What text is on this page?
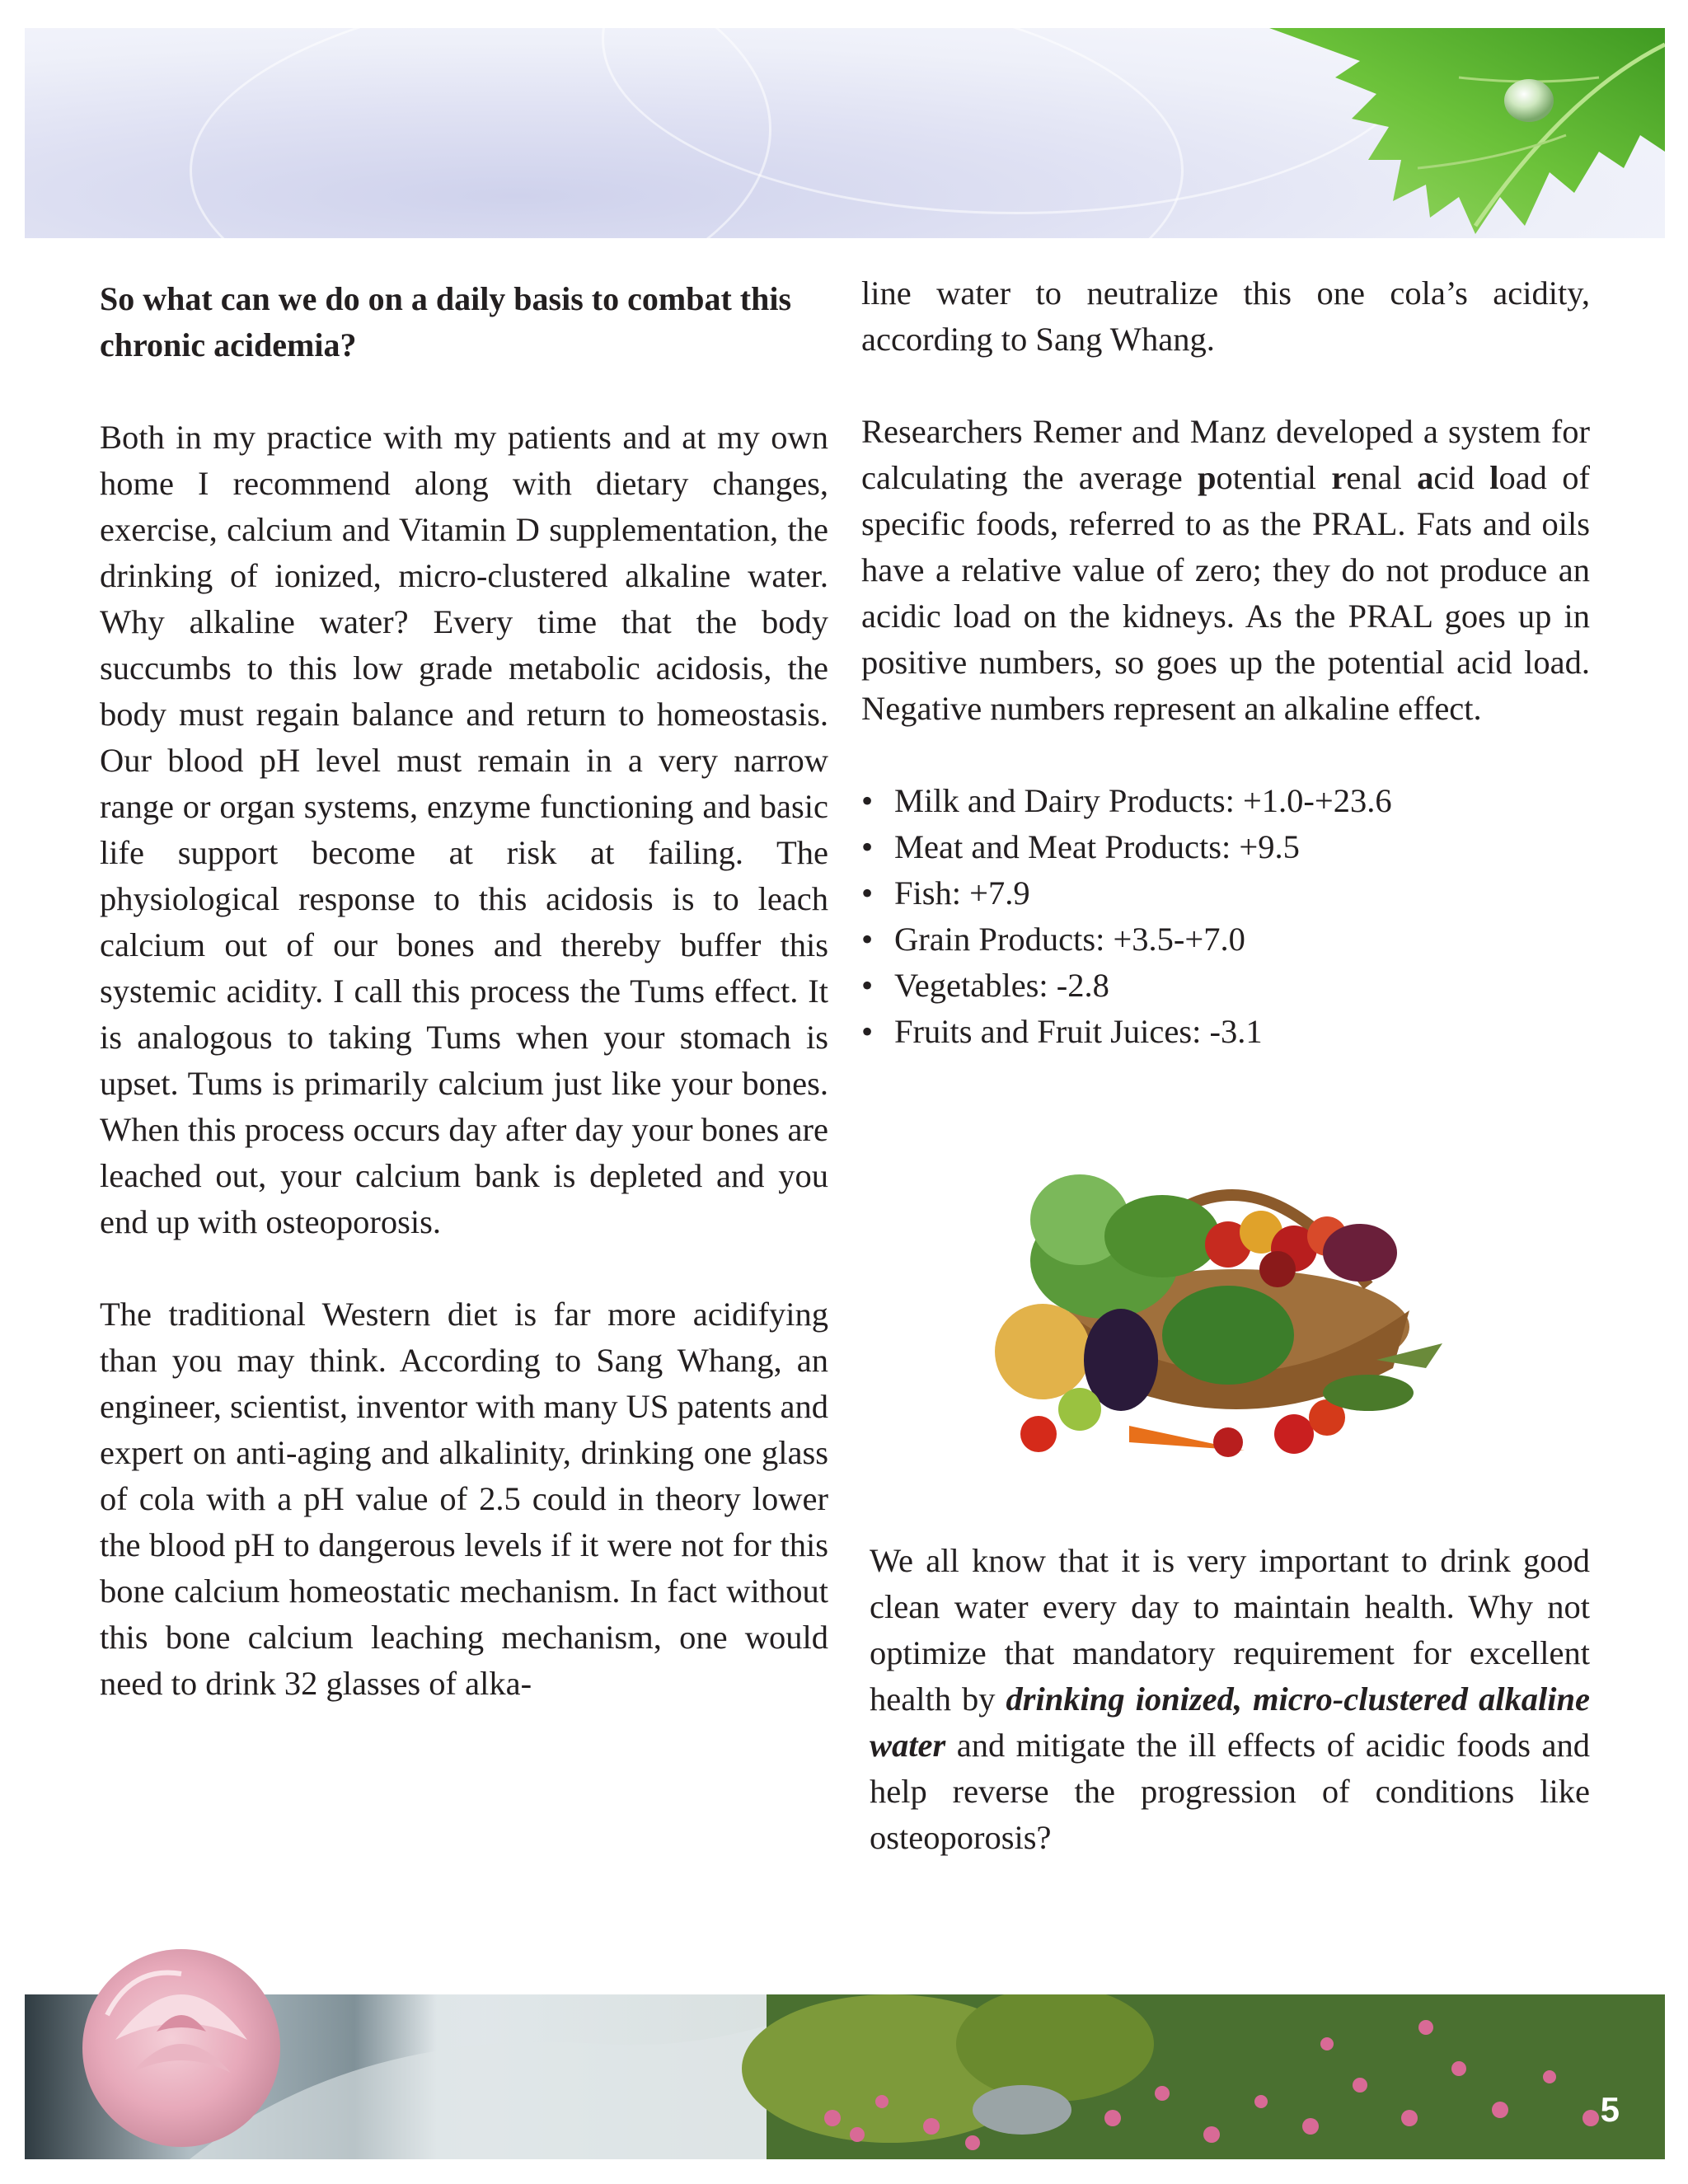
So what can we do on a daily basis to combat this chronic acidemia?

Both in my practice with my patients and at my own home I recommend along with dietary changes, exercise, calcium and Vitamin D supplementation, the drinking of ionized, micro-clustered alkaline water. Why alkaline water? Every time that the body succumbs to this low grade metabolic acidosis, the body must regain balance and return to homeostasis. Our blood pH level must remain in a very narrow range or organ systems, enzyme functioning and basic life support become at risk at failing. The physiological response to this acidosis is to leach calcium out of our bones and thereby buffer this systemic acidity. I call this process the Tums effect. It is analogous to taking Tums when your stomach is upset. Tums is primarily calcium just like your bones. When this process occurs day after day your bones are leached out, your calcium bank is depleted and you end up with osteoporosis.

The traditional Western diet is far more acidifying than you may think. According to Sang Whang, an engineer, scientist, inventor with many US patents and expert on anti-aging and alkalinity, drinking one glass of cola with a pH value of 2.5 could in theory lower the blood pH to dangerous levels if it were not for this bone calcium homeostatic mechanism. In fact without this bone calcium leaching mechanism, one would need to drink 32 glasses of alka-

line water to neutralize this one cola’s acidity, according to Sang Whang.

Researchers Remer and Manz developed a system for calculating the average potential renal acid load of specific foods, referred to as the PRAL. Fats and oils have a relative value of zero; they do not produce an acidic load on the kidneys. As the PRAL goes up in positive numbers, so goes up the potential acid load. Negative numbers represent an alkaline effect.

• Milk and Dairy Products: +1.0-+23.6
• Meat and Meat Products: +9.5
• Fish: +7.9
• Grain Products: +3.5-+7.0
• Vegetables: -2.8
• Fruits and Fruit Juices: -3.1

We all know that it is very important to drink good clean water every day to maintain health. Why not optimize that mandatory requirement for excellent health by drinking ionized, micro-clustered alkaline water and mitigate the ill effects of acidic foods and help reverse the progression of conditions like osteoporosis?

5
